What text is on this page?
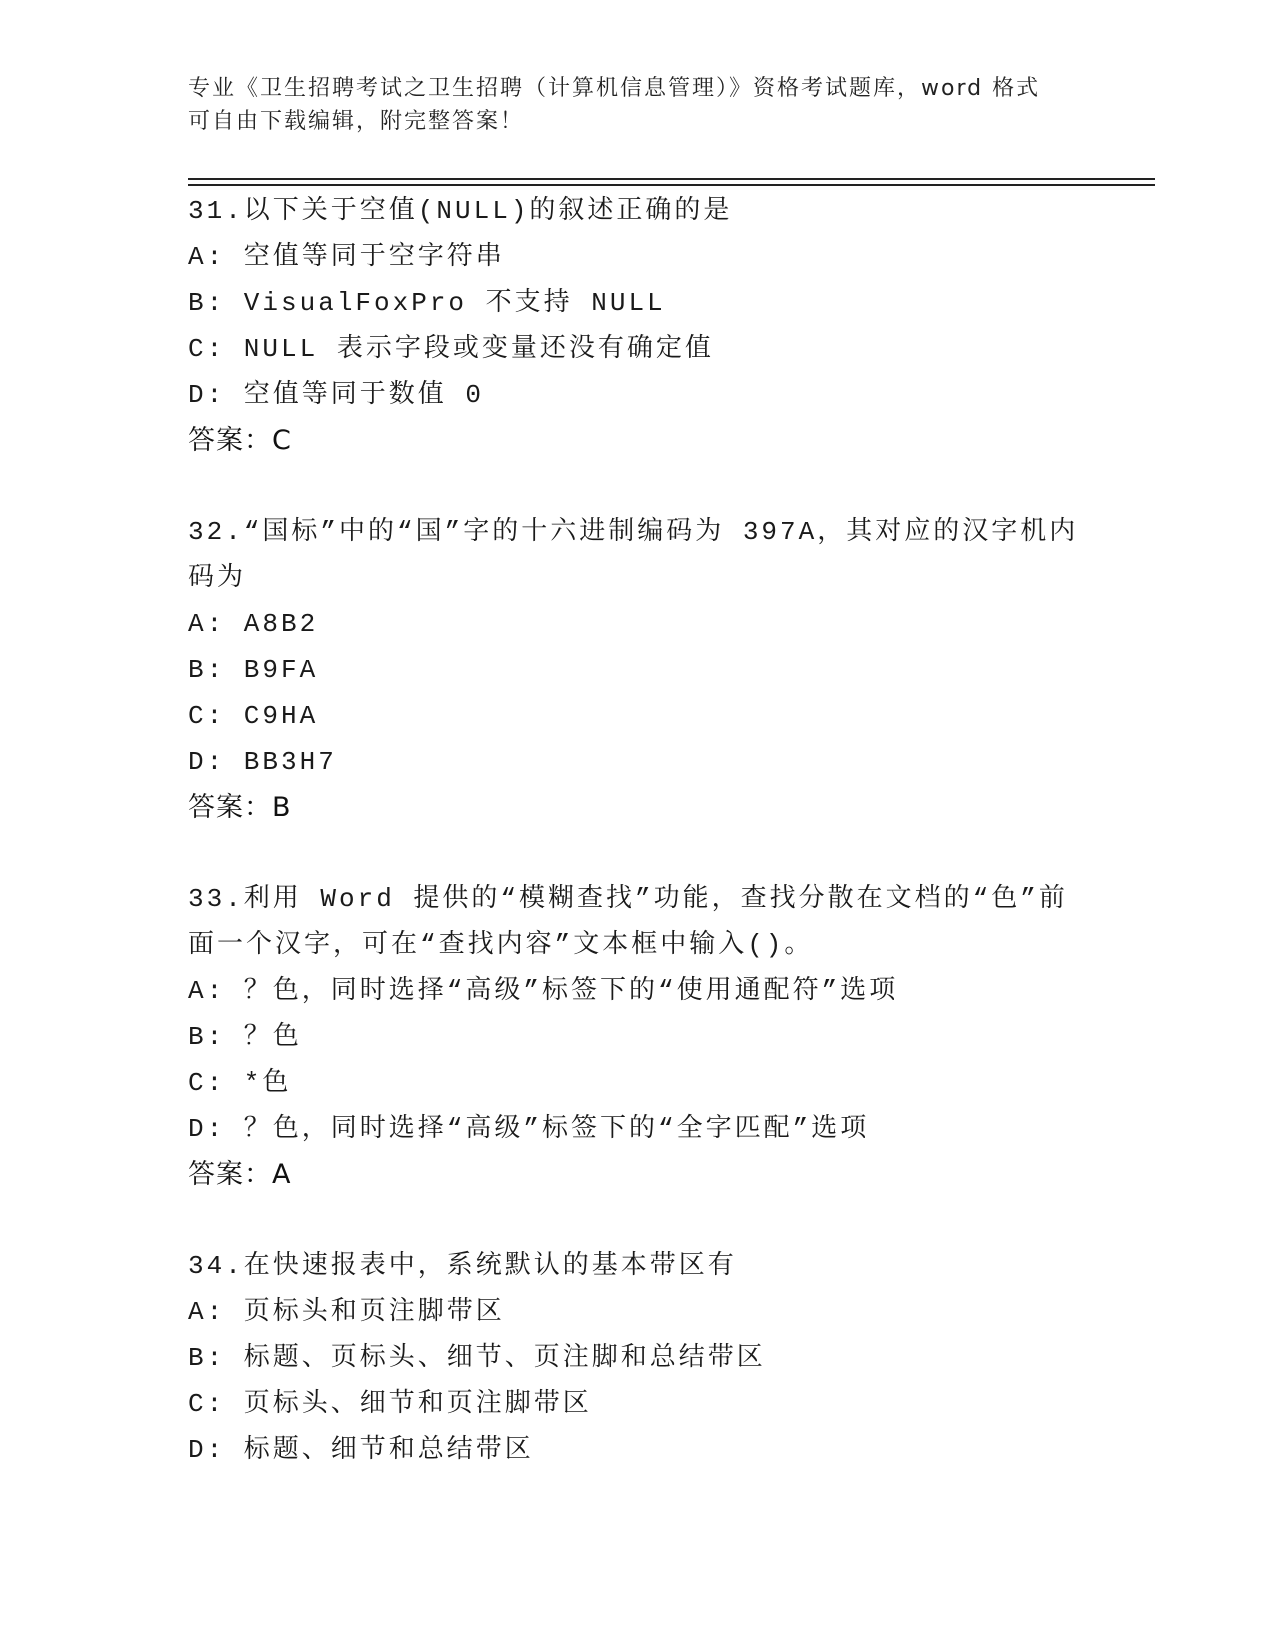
专业《卫生招聘考试之卫生招聘（计算机信息管理）》资格考试题库，word 格式
可自由下载编辑，附完整答案！
31.以下关于空值(NULL)的叙述正确的是
A: 空值等同于空字符串
B: VisualFoxPro 不支持 NULL
C: NULL 表示字段或变量还没有确定值
D: 空值等同于数值 0
答案：C
32.“国标”中的“国”字的十六进制编码为 397A，其对应的汉字机内
码为
A: A8B2
B: B9FA
C: C9HA
D: BB3H7
答案：B
33.利用 Word 提供的“模糊查找”功能，查找分散在文档的“色”前
面一个汉字，可在“查找内容”文本框中输入()。
A: ？色，同时选择“高级”标签下的“使用通配符”选项
B: ？色
C: *色
D: ？色，同时选择“高级”标签下的“全字匹配”选项
答案：A
34.在快速报表中，系统默认的基本带区有
A: 页标头和页注脚带区
B: 标题、页标头、细节、页注脚和总结带区
C: 页标头、细节和页注脚带区
D: 标题、细节和总结带区
